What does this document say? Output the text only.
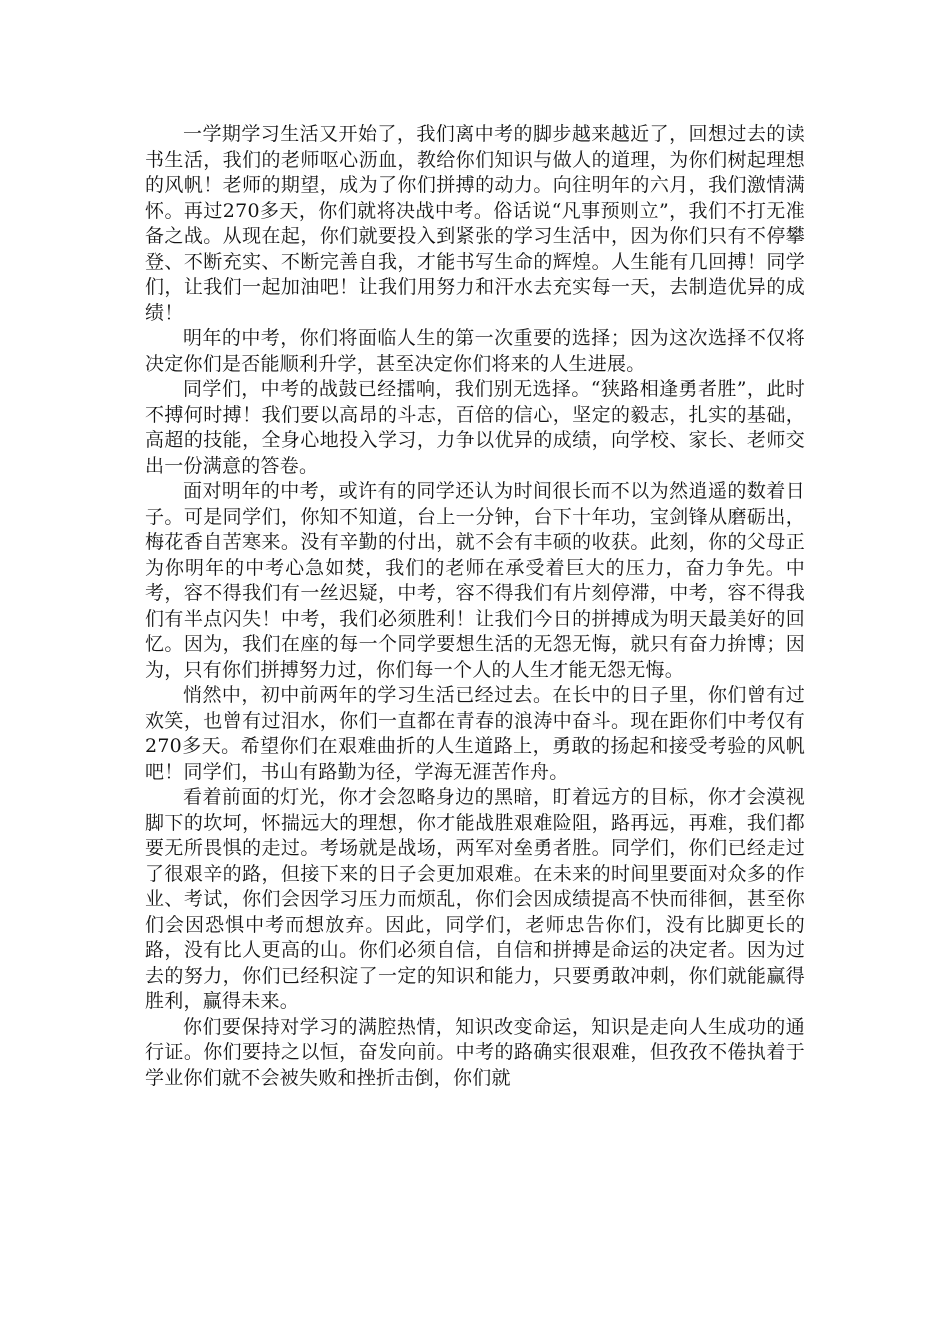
一学期学习生活又开始了，我们离中考的脚步越来越近了，回想过去的读书生活，我们的老师呕心沥血，教给你们知识与做人的道理，为你们树起理想的风帆！老师的期望，成为了你们拼搏的动力。向往明年的六月，我们激情满怀。再过270多天，你们就将决战中考。俗话说“凡事预则立”，我们不打无准备之战。从现在起，你们就要投入到紧张的学习生活中，因为你们只有不停攀登、不断充实、不断完善自我，才能书写生命的辉煌。人生能有几回搏！同学们，让我们一起加油吧！让我们用努力和汗水去充实每一天，去制造优异的成绩！

明年的中考，你们将面临人生的第一次重要的选择；因为这次选择不仅将决定你们是否能顺利升学，甚至决定你们将来的人生进展。

同学们，中考的战鼓已经擂响，我们别无选择。“狭路相逢勇者胜”，此时不搏何时搏！我们要以高昂的斗志，百倍的信心，坚定的毅志，扎实的基础，高超的技能，全身心地投入学习，力争以优异的成绩，向学校、家长、老师交出一份满意的答卷。

面对明年的中考，或许有的同学还认为时间很长而不以为然逍遥的数着日子。可是同学们，你知不知道，台上一分钟，台下十年功，宝剑锋从磨砺出，梅花香自苦寒来。没有辛勤的付出，就不会有丰硕的收获。此刻，你的父母正为你明年的中考心急如焚，我们的老师在承受着巨大的压力，奋力争先。中考，容不得我们有一丝迟疑，中考，容不得我们有片刻停滞，中考，容不得我们有半点闪失！中考，我们必须胜利！让我们今日的拼搏成为明天最美好的回忆。因为，我们在座的每一个同学要想生活的无怨无悔，就只有奋力拚博；因为，只有你们拼搏努力过，你们每一个人的人生才能无怨无悔。

悄然中，初中前两年的学习生活已经过去。在长中的日子里，你们曾有过欢笑，也曾有过泪水，你们一直都在青春的浪涛中奋斗。现在距你们中考仅有270多天。希望你们在艰难曲折的人生道路上，勇敢的扬起和接受考验的风帆吧！同学们，书山有路勤为径，学海无涯苦作舟。

看着前面的灯光，你才会忽略身边的黑暗，盯着远方的目标，你才会漠视脚下的坎坷，怀揣远大的理想，你才能战胜艰难险阻，路再远，再难，我们都要无所畏惧的走过。考场就是战场，两军对垒勇者胜。同学们，你们已经走过了很艰辛的路，但接下来的日子会更加艰难。在未来的时间里要面对众多的作业、考试，你们会因学习压力而烦乱，你们会因成绩提高不快而徘徊，甚至你们会因恐惧中考而想放弃。因此，同学们，老师忠告你们，没有比脚更长的路，没有比人更高的山。你们必须自信，自信和拼搏是命运的决定者。因为过去的努力，你们已经积淀了一定的知识和能力，只要勇敢冲刺，你们就能赢得胜利，赢得未来。

你们要保持对学习的满腔热情，知识改变命运，知识是走向人生成功的通行证。你们要持之以恒，奋发向前。中考的路确实很艰难，但孜孜不倦执着于学业你们就不会被失败和挫折击倒，你们就
